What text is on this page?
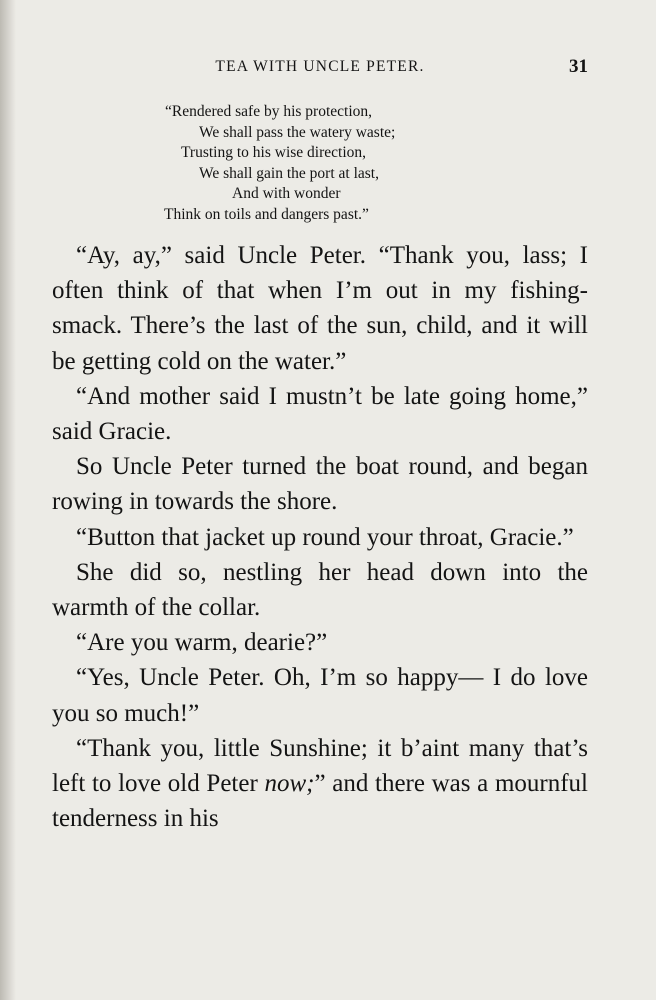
TEA WITH UNCLE PETER.	31
“Rendered safe by his protection,
We shall pass the watery waste;
Trusting to his wise direction,
We shall gain the port at last,
And with wonder
Think on toils and dangers past.”

“Ay, ay,” said Uncle Peter. “Thank you, lass; I often think of that when I’m out in my fishing-smack. There’s the last of the sun, child, and it will be getting cold on the water.”

“And mother said I mustn’t be late going home,” said Gracie.

So Uncle Peter turned the boat round, and began rowing in towards the shore.

“Button that jacket up round your throat, Gracie.”

She did so, nestling her head down into the warmth of the collar.

“Are you warm, dearie?”

“Yes, Uncle Peter. Oh, I’m so happy— I do love you so much!”

“Thank you, little Sunshine; it b’aint many that’s left to love old Peter now;” and there was a mournful tenderness in his
